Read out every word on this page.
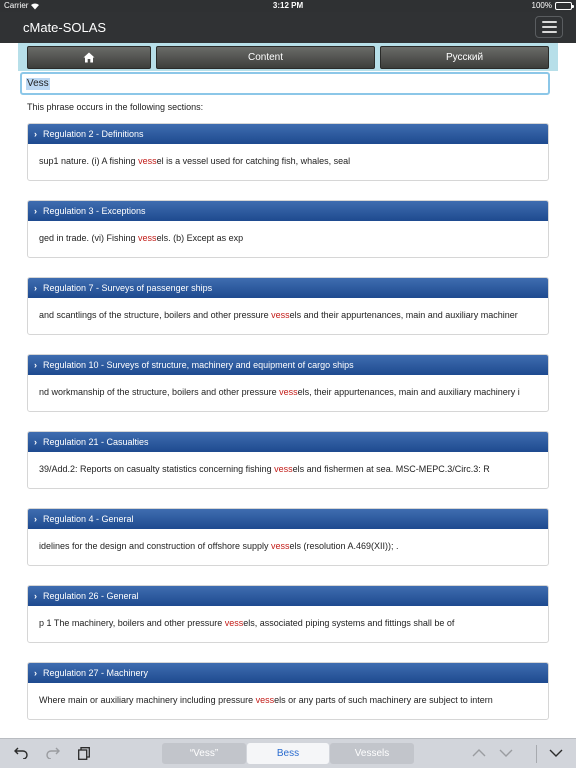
Carrier	3:12 PM	100%
cMate-SOLAS
Content	Русский
Vess
Vess
This phrase occurs in the following sections:
› Regulation 2 - Definitions
sup1 nature. (i) A fishing vessel is a vessel used for catching fish, whales, seal
› Regulation 3 - Exceptions
ged in trade. (vi) Fishing vessels. (b) Except as exp
› Regulation 7 - Surveys of passenger ships
and scantlings of the structure, boilers and other pressure vessels and their appurtenances, main and auxiliary machiner
› Regulation 10 - Surveys of structure, machinery and equipment of cargo ships
nd workmanship of the structure, boilers and other pressure vessels, their appurtenances, main and auxiliary machinery i
› Regulation 21 - Casualties
39/Add.2: Reports on casualty statistics concerning fishing vessels and fishermen at sea. MSC-MEPC.3/Circ.3: R
› Regulation 4 - General
idelines for the design and construction of offshore supply vessels (resolution A.469(XII)); .
› Regulation 26 - General
p 1 The machinery, boilers and other pressure vessels, associated piping systems and fittings shall be of
› Regulation 27 - Machinery
Where main or auxiliary machinery including pressure vessels or any parts of such machinery are subject to intern
“Vess”	Bess	Vessels
